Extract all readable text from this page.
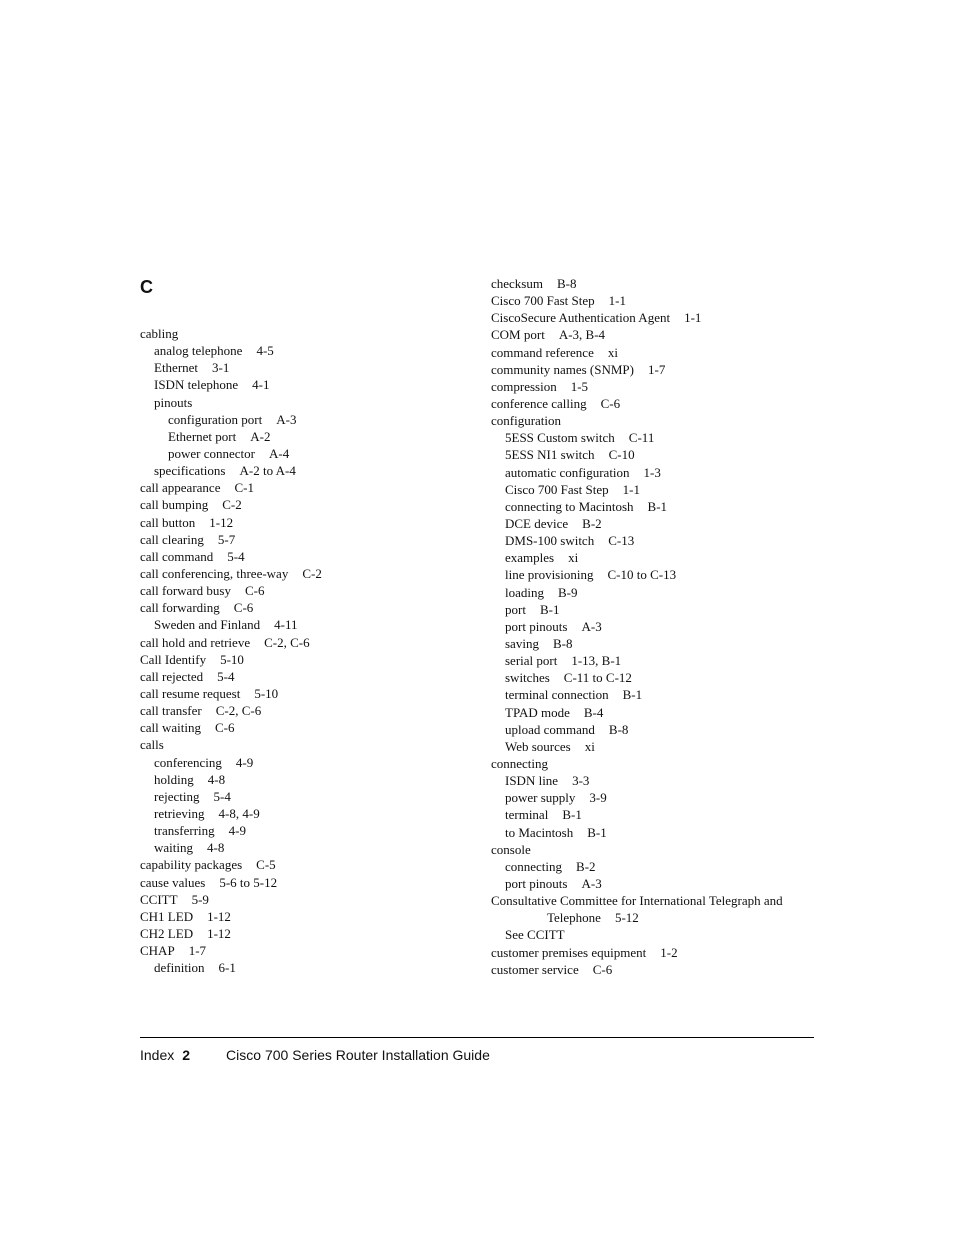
C
cabling
analog telephone 4-5
Ethernet 3-1
ISDN telephone 4-1
pinouts
configuration port A-3
Ethernet port A-2
power connector A-4
specifications A-2 to A-4
call appearance C-1
call bumping C-2
call button 1-12
call clearing 5-7
call command 5-4
call conferencing, three-way C-2
call forward busy C-6
call forwarding C-6
Sweden and Finland 4-11
call hold and retrieve C-2, C-6
Call Identify 5-10
call rejected 5-4
call resume request 5-10
call transfer C-2, C-6
call waiting C-6
calls
conferencing 4-9
holding 4-8
rejecting 5-4
retrieving 4-8, 4-9
transferring 4-9
waiting 4-8
capability packages C-5
cause values 5-6 to 5-12
CCITT 5-9
CH1 LED 1-12
CH2 LED 1-12
CHAP 1-7
definition 6-1
checksum B-8
Cisco 700 Fast Step 1-1
CiscoSecure Authentication Agent 1-1
COM port A-3, B-4
command reference xi
community names (SNMP) 1-7
compression 1-5
conference calling C-6
configuration
5ESS Custom switch C-11
5ESS NI1 switch C-10
automatic configuration 1-3
Cisco 700 Fast Step 1-1
connecting to Macintosh B-1
DCE device B-2
DMS-100 switch C-13
examples xi
line provisioning C-10 to C-13
loading B-9
port B-1
port pinouts A-3
saving B-8
serial port 1-13, B-1
switches C-11 to C-12
terminal connection B-1
TPAD mode B-4
upload command B-8
Web sources xi
connecting
ISDN line 3-3
power supply 3-9
terminal B-1
to Macintosh B-1
console
connecting B-2
port pinouts A-3
Consultative Committee for International Telegraph and
Telephone 5-12
See CCITT
customer premises equipment 1-2
customer service C-6
Index 2	Cisco 700 Series Router Installation Guide
